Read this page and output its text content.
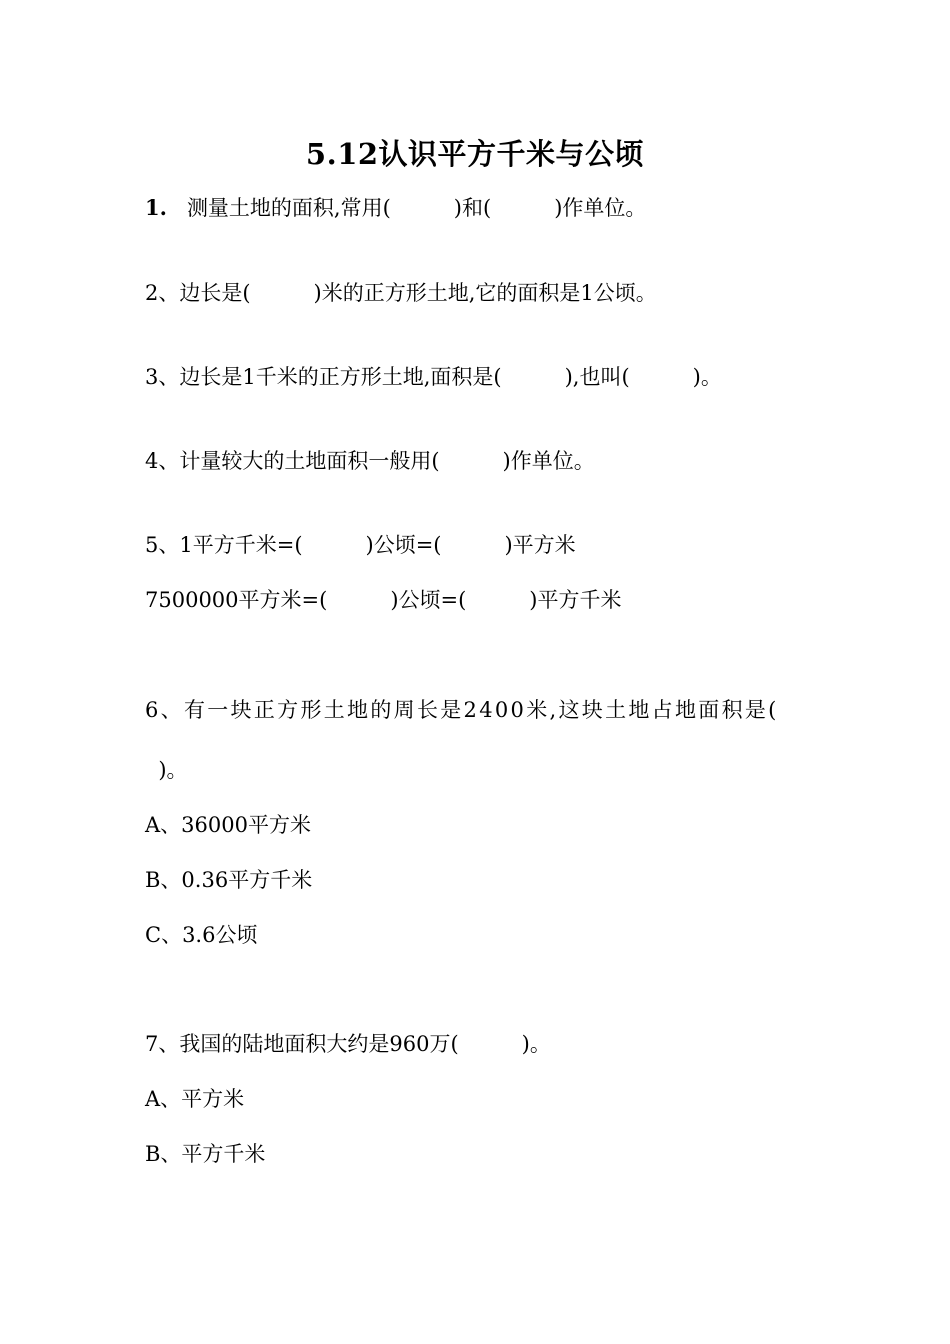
5.12认识平方千米与公顷
1. 测量土地的面积,常用(　　　)和(　　　)作单位。
2、边长是(　　　)米的正方形土地,它的面积是1公顷。
3、边长是1千米的正方形土地,面积是(　　　),也叫(　　　)。
4、计量较大的土地面积一般用(　　　)作单位。
5、1平方千米=(　　　)公顷=(　　　)平方米
7500000平方米=(　　　)公顷=(　　　)平方千米
6、有一块正方形土地的周长是2400米,这块土地占地面积是(
)。
A、36000平方米
B、0.36平方千米
C、3.6公顷
7、我国的陆地面积大约是960万(　　　)。
A、平方米
B、平方千米
